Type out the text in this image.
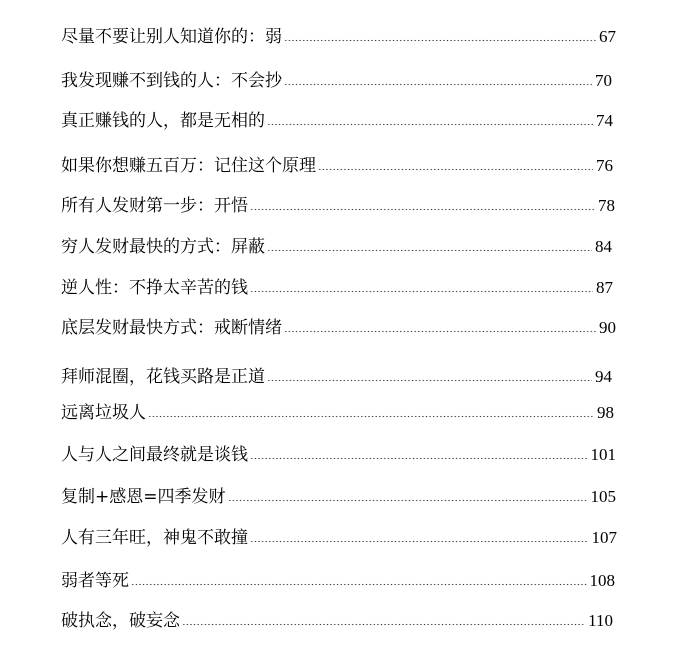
尽量不要让别人知道你的：弱	67
我发现赚不到钱的人：不会抄	70
真正赚钱的人，都是无相的	74
如果你想赚五百万：记住这个原理	76
所有人发财第一步：开悟	78
穷人发财最快的方式：屏蔽	84
逆人性：不挣太辛苦的钱	87
底层发财最快方式：戒断情绪	90
拜师混圈，花钱买路是正道	94
远离垃圾人	98
人与人之间最终就是谈钱	101
复制+感恩=四季发财	105
人有三年旺，神鬼不敢撞	107
弱者等死	108
破执念，破妄念	110
